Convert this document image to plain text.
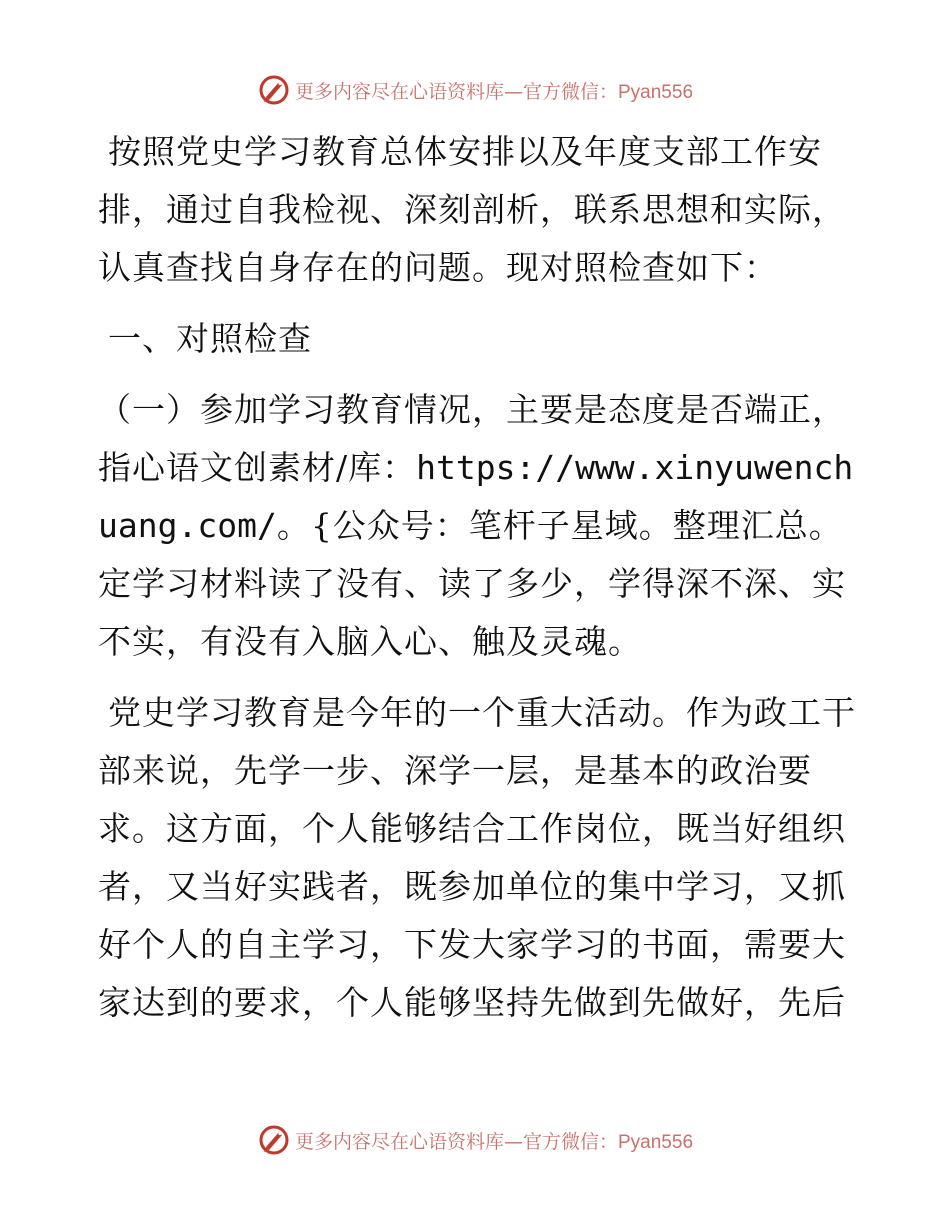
更多内容尽在心语资料库—官方微信：Pyan556

按照党史学习教育总体安排以及年度支部工作安排，通过自我检视、深刻剖析，联系思想和实际，认真查找自身存在的问题。现对照检查如下：

一、对照检查

（一）参加学习教育情况，主要是态度是否端正，指心语文创素材/库：https://www.xinyuwenchuang.com/。{公众号：笔杆子星域。整理汇总。定学习材料读了没有、读了多少，学得深不深、实不实，有没有入脑入心、触及灵魂。

党史学习教育是今年的一个重大活动。作为政工干部来说，先学一步、深学一层，是基本的政治要求。这方面，个人能够结合工作岗位，既当好组织者，又当好实践者，既参加单位的集中学习，又抓好个人的自主学习，下发大家学习的书面，需要大家达到的要求，个人能够坚持先做到先做好，先后

更多内容尽在心语资料库—官方微信：Pyan556
